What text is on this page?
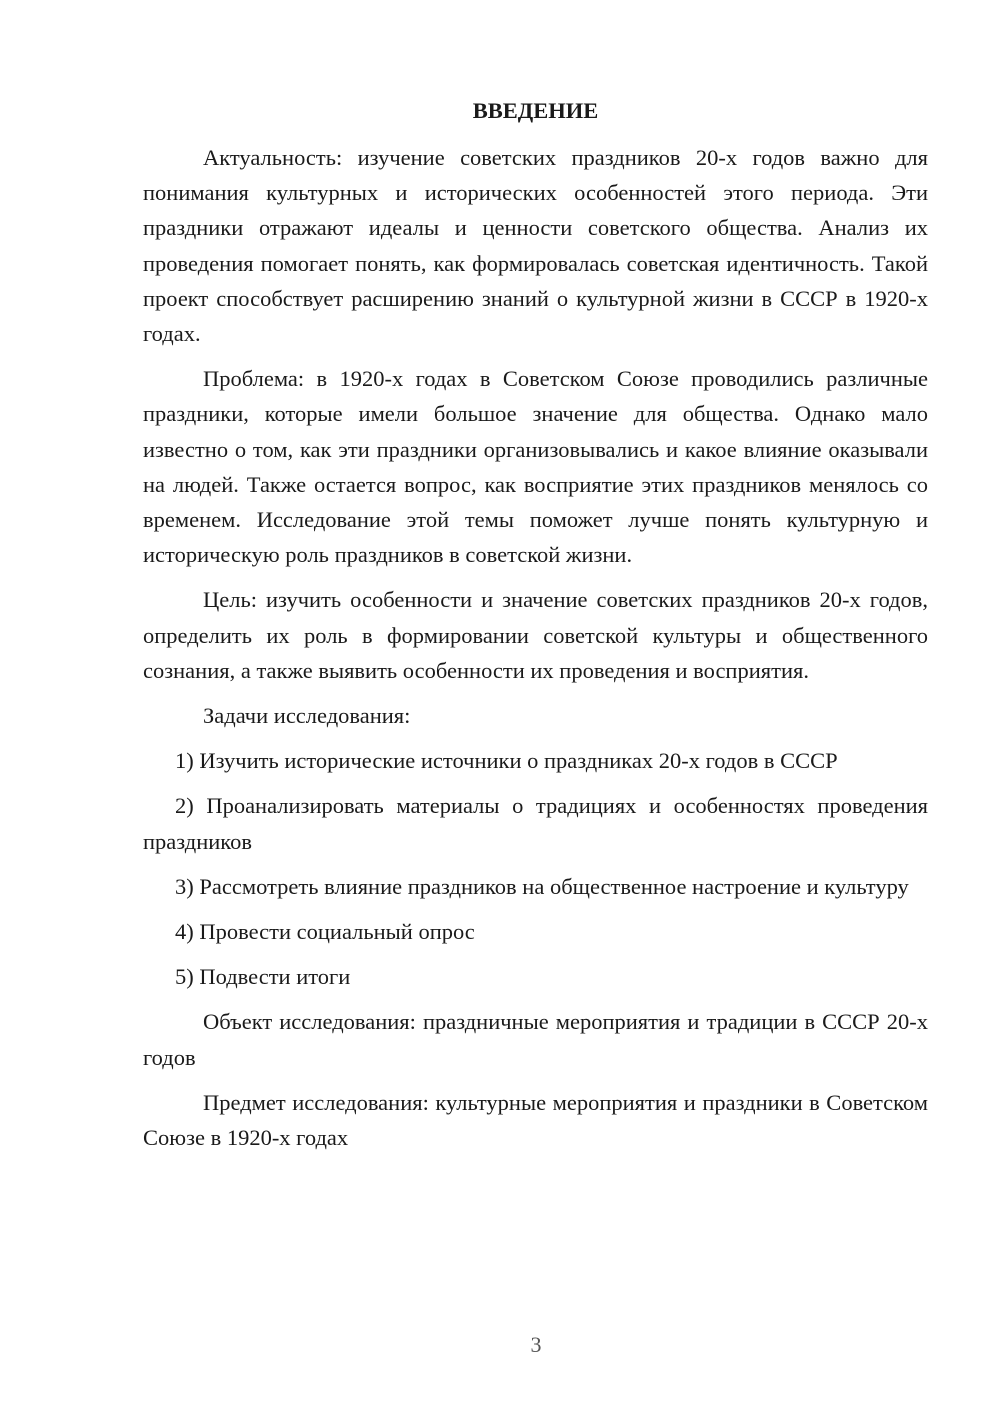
ВВЕДЕНИЕ

Актуальность: изучение советских праздников 20-х годов важно для понимания культурных и исторических особенностей этого периода. Эти праздники отражают идеалы и ценности советского общества. Анализ их проведения помогает понять, как формировалась советская идентичность. Такой проект способствует расширению знаний о культурной жизни в СССР в 1920-х годах.

Проблема: в 1920-х годах в Советском Союзе проводились различные праздники, которые имели большое значение для общества. Однако мало известно о том, как эти праздники организовывались и какое влияние оказывали на людей. Также остается вопрос, как восприятие этих праздников менялось со временем. Исследование этой темы поможет лучше понять культурную и историческую роль праздников в советской жизни.

Цель: изучить особенности и значение советских праздников 20-х годов, определить их роль в формировании советской культуры и общественного сознания, а также выявить особенности их проведения и восприятия.

Задачи исследования:

1) Изучить исторические источники о праздниках 20-х годов в СССР

2) Проанализировать материалы о традициях и особенностях проведения праздников

3) Рассмотреть влияние праздников на общественное настроение и культуру

4) Провести социальный опрос

5) Подвести итоги

Объект исследования: праздничные мероприятия и традиции в СССР 20-х годов

Предмет исследования: культурные мероприятия и праздники в Советском Союзе в 1920-х годах

3
